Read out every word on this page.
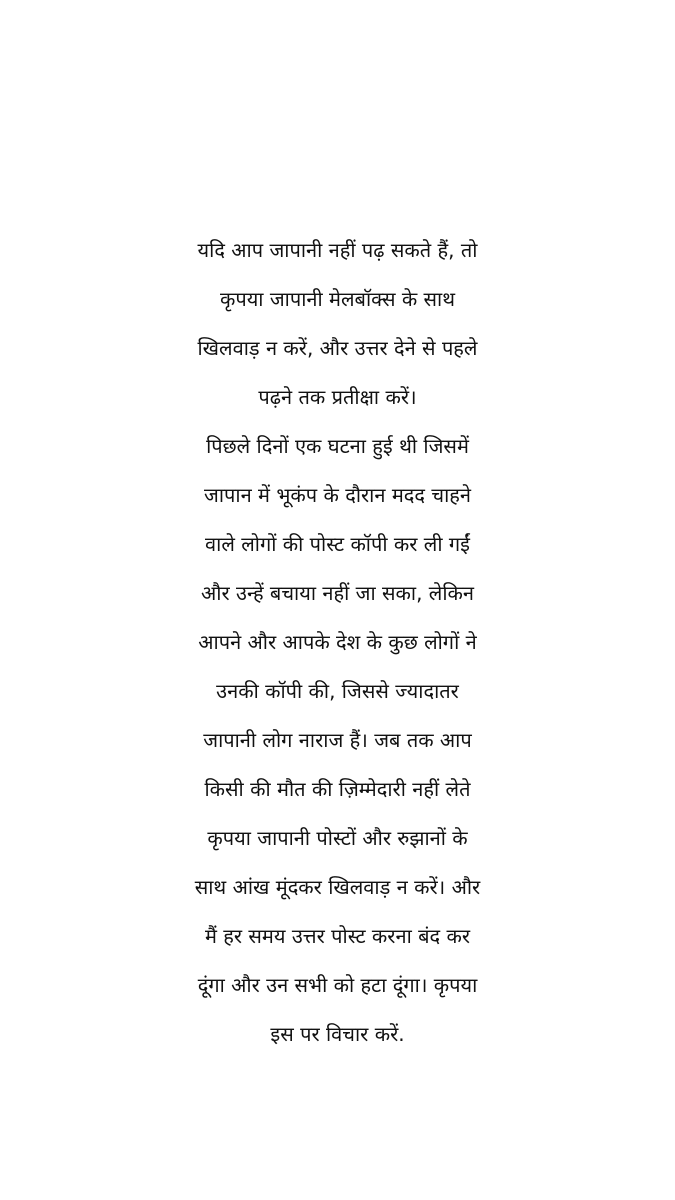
यदि आप जापानी नहीं पढ़ सकते हैं, तो
कृपया जापानी मेलबॉक्स के साथ
खिलवाड़ न करें, और उत्तर देने से पहले
पढ़ने तक प्रतीक्षा करें।
पिछले दिनों एक घटना हुई थी जिसमें
जापान में भूकंप के दौरान मदद चाहने
वाले लोगों की पोस्ट कॉपी कर ली गईं
और उन्हें बचाया नहीं जा सका, लेकिन
आपने और आपके देश के कुछ लोगों ने
उनकी कॉपी की, जिससे ज्यादातर
जापानी लोग नाराज हैं। जब तक आप
किसी की मौत की ज़िम्मेदारी नहीं लेते
कृपया जापानी पोस्टों और रुझानों के
साथ आंख मूंदकर खिलवाड़ न करें। और
मैं हर समय उत्तर पोस्ट करना बंद कर
दूंगा और उन सभी को हटा दूंगा। कृपया
इस पर विचार करें.
